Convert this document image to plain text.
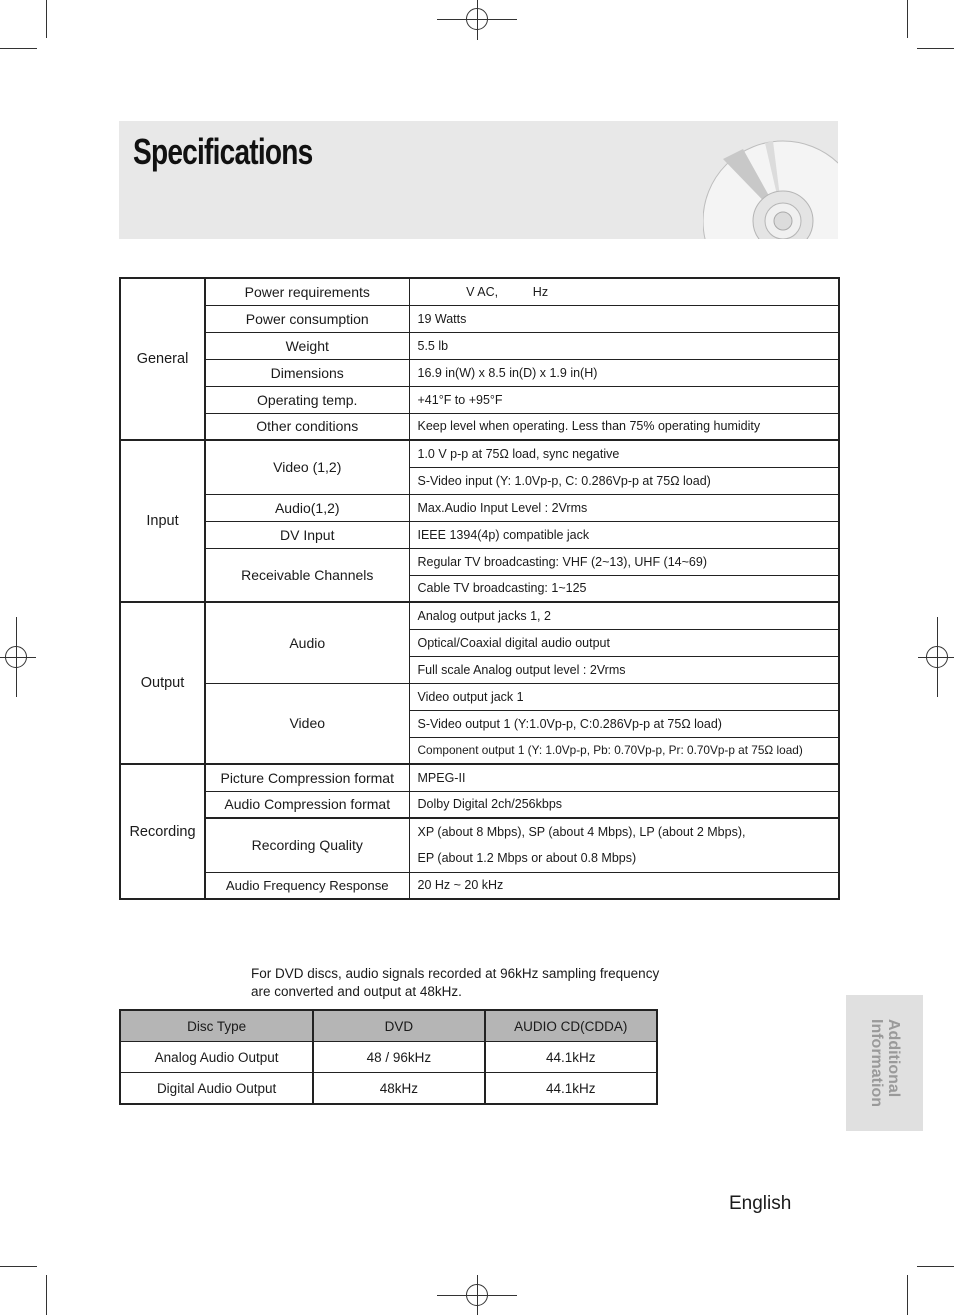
Specifications
General	Power requirements	V AC,          Hz
	Power consumption	19 Watts
	Weight	5.5 lb
	Dimensions	16.9 in(W) x 8.5 in(D) x 1.9 in(H)
	Operating temp.	+41°F to +95°F
	Other conditions	Keep level when operating. Less than 75% operating humidity
Input	Video (1,2)	1.0 V p-p at 75Ω load, sync negative
		S-Video input (Y: 1.0Vp-p, C: 0.286Vp-p at 75Ω load)
	Audio(1,2)	Max.Audio Input Level : 2Vrms
	DV Input	IEEE 1394(4p) compatible jack
	Receivable Channels	Regular TV broadcasting: VHF (2~13), UHF (14~69)
		Cable TV broadcasting: 1~125
Output	Audio	Analog output jacks 1, 2
		Optical/Coaxial digital audio output
		Full scale Analog output level : 2Vrms
	Video	Video output jack 1
		S-Video output 1 (Y:1.0Vp-p, C:0.286Vp-p at 75Ω load)
		Component output 1 (Y: 1.0Vp-p, Pb: 0.70Vp-p, Pr: 0.70Vp-p at 75Ω load)
Recording	Picture Compression format	MPEG-II
	Audio Compression format	Dolby Digital 2ch/256kbps
	Recording Quality	XP (about 8 Mbps), SP (about 4 Mbps), LP (about 2 Mbps),
		EP (about 1.2 Mbps or about 0.8 Mbps)
	Audio Frequency Response	20 Hz ~ 20 kHz
For DVD discs, audio signals recorded at 96kHz sampling frequency are converted and output at 48kHz.
Disc Type	DVD	AUDIO CD(CDDA)
Analog Audio Output	48 / 96kHz	44.1kHz
Digital Audio Output	48kHz	44.1kHz	Additional
Information
English
